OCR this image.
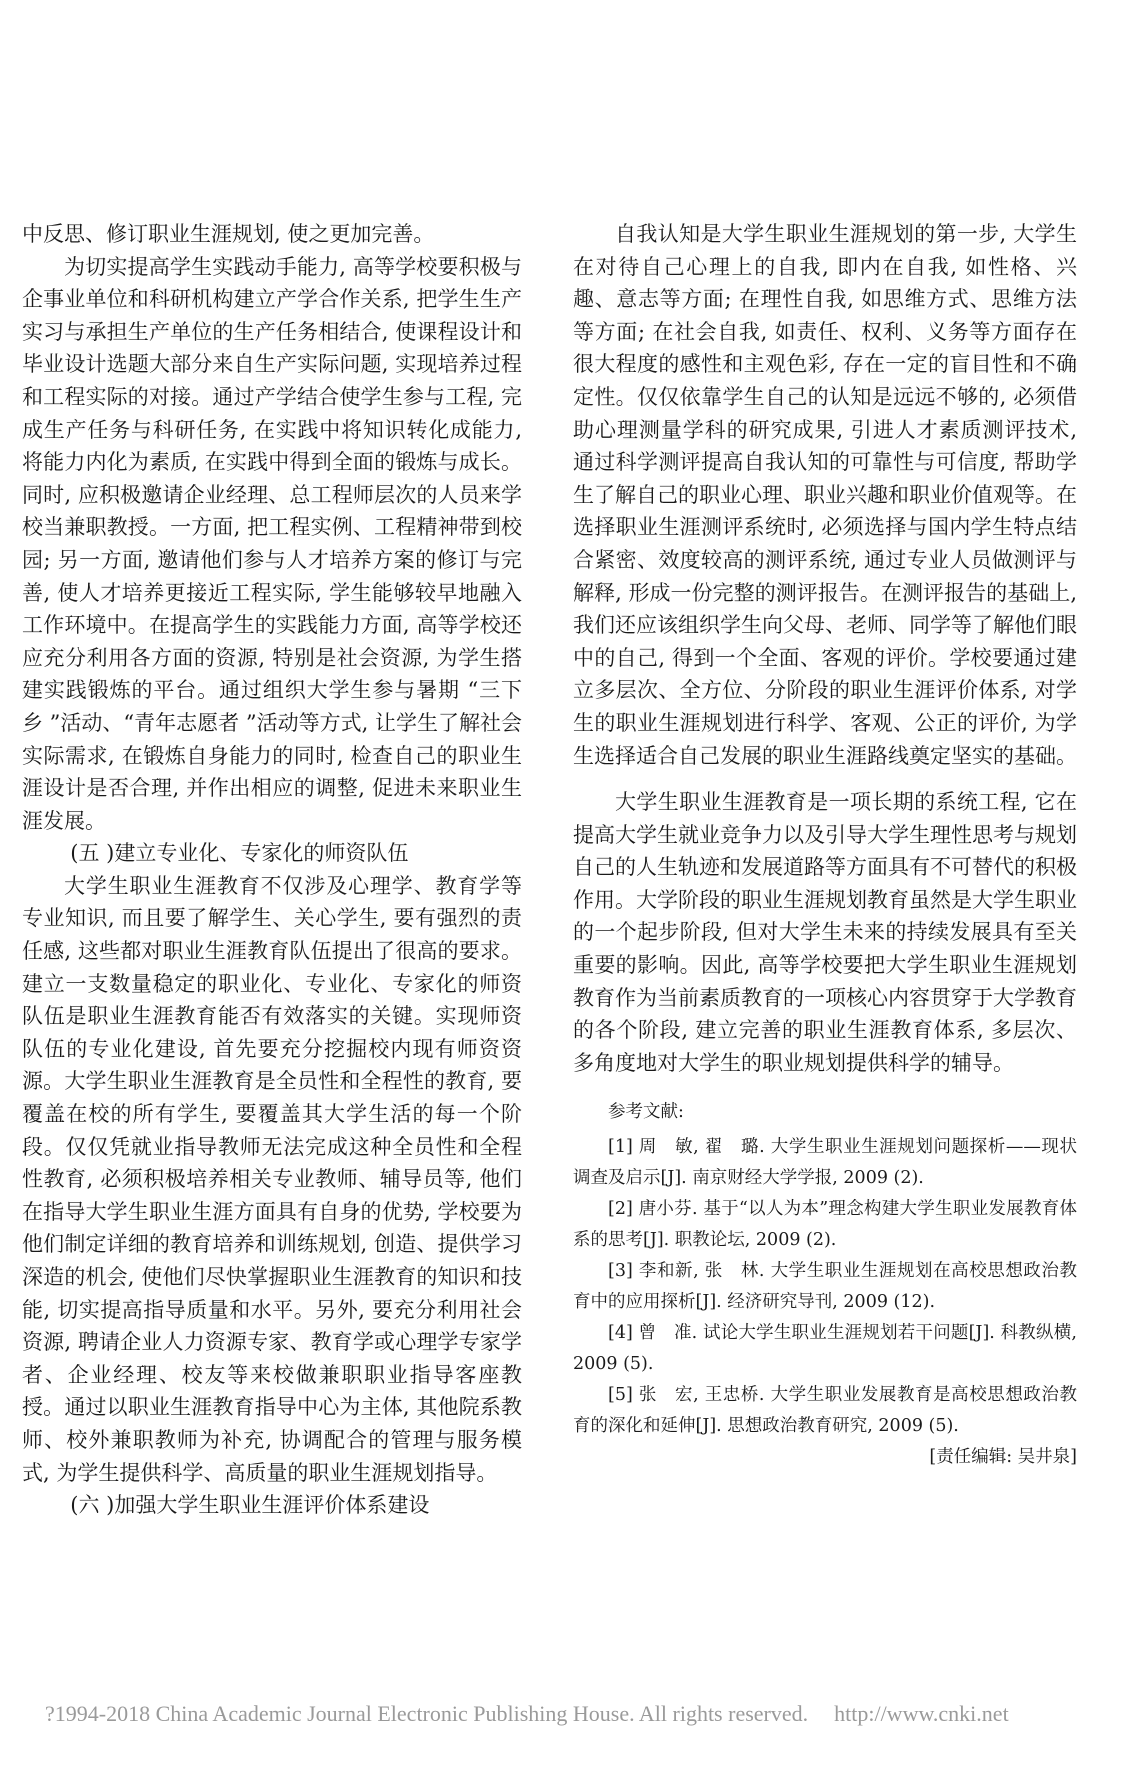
中反思、修订职业生涯规划, 使之更加完善。

为切实提高学生实践动手能力, 高等学校要积极与企事业单位和科研机构建立产学合作关系, 把学生生产实习与承担生产单位的生产任务相结合, 使课程设计和毕业设计选题大部分来自生产实际问题, 实现培养过程和工程实际的对接。通过产学结合使学生参与工程, 完成生产任务与科研任务, 在实践中将知识转化成能力, 将能力内化为素质, 在实践中得到全面的锻炼与成长。同时, 应积极邀请企业经理、总工程师层次的人员来学校当兼职教授。一方面, 把工程实例、工程精神带到校园; 另一方面, 邀请他们参与人才培养方案的修订与完善, 使人才培养更接近工程实际, 学生能够较早地融入工作环境中。在提高学生的实践能力方面, 高等学校还应充分利用各方面的资源, 特别是社会资源, 为学生搭建实践锻炼的平台。通过组织大学生参与暑期 “三下乡 ”活动、“青年志愿者 ”活动等方式, 让学生了解社会实际需求, 在锻炼自身能力的同时, 检查自己的职业生涯设计是否合理, 并作出相应的调整, 促进未来职业生涯发展。

(五 )建立专业化、专家化的师资队伍

大学生职业生涯教育不仅涉及心理学、教育学等专业知识, 而且要了解学生、关心学生, 要有强烈的责任感, 这些都对职业生涯教育队伍提出了很高的要求。建立一支数量稳定的职业化、专业化、专家化的师资队伍是职业生涯教育能否有效落实的关键。实现师资队伍的专业化建设, 首先要充分挖掘校内现有师资资源。大学生职业生涯教育是全员性和全程性的教育, 要覆盖在校的所有学生, 要覆盖其大学生活的每一个阶段。仅仅凭就业指导教师无法完成这种全员性和全程性教育, 必须积极培养相关专业教师、辅导员等, 他们在指导大学生职业生涯方面具有自身的优势, 学校要为他们制定详细的教育培养和训练规划, 创造、提供学习深造的机会, 使他们尽快掌握职业生涯教育的知识和技能, 切实提高指导质量和水平。另外, 要充分利用社会资源, 聘请企业人力资源专家、教育学或心理学专家学者、企业经理、校友等来校做兼职职业指导客座教授。通过以职业生涯教育指导中心为主体, 其他院系教师、校外兼职教师为补充, 协调配合的管理与服务模式, 为学生提供科学、高质量的职业生涯规划指导。

(六 )加强大学生职业生涯评价体系建设

自我认知是大学生职业生涯规划的第一步, 大学生在对待自己心理上的自我, 即内在自我, 如性格、兴趣、意志等方面; 在理性自我, 如思维方式、思维方法等方面; 在社会自我, 如责任、权利、义务等方面存在很大程度的感性和主观色彩, 存在一定的盲目性和不确定性。仅仅依靠学生自己的认知是远远不够的, 必须借助心理测量学科的研究成果, 引进人才素质测评技术, 通过科学测评提高自我认知的可靠性与可信度, 帮助学生了解自己的职业心理、职业兴趣和职业价值观等。在选择职业生涯测评系统时, 必须选择与国内学生特点结合紧密、效度较高的测评系统, 通过专业人员做测评与解释, 形成一份完整的测评报告。在测评报告的基础上, 我们还应该组织学生向父母、老师、同学等了解他们眼中的自己, 得到一个全面、客观的评价。学校要通过建立多层次、全方位、分阶段的职业生涯评价体系, 对学生的职业生涯规划进行科学、客观、公正的评价, 为学生选择适合自己发展的职业生涯路线奠定坚实的基础。

大学生职业生涯教育是一项长期的系统工程, 它在提高大学生就业竞争力以及引导大学生理性思考与规划自己的人生轨迹和发展道路等方面具有不可替代的积极作用。大学阶段的职业生涯规划教育虽然是大学生职业的一个起步阶段, 但对大学生未来的持续发展具有至关重要的影响。因此, 高等学校要把大学生职业生涯规划教育作为当前素质教育的一项核心内容贯穿于大学教育的各个阶段, 建立完善的职业生涯教育体系, 多层次、多角度地对大学生的职业规划提供科学的辅导。

参考文献:
[1] 周　敏, 翟　璐. 大学生职业生涯规划问题探析——现状调查及启示[J]. 南京财经大学学报, 2009 (2).
[2] 唐小芬. 基于“以人为本”理念构建大学生职业发展教育体系的思考[J]. 职教论坛, 2009 (2).
[3] 李和新, 张　林. 大学生职业生涯规划在高校思想政治教育中的应用探析[J]. 经济研究导刊, 2009 (12).
[4] 曾　准. 试论大学生职业生涯规划若干问题[J]. 科教纵横, 2009 (5).
[5] 张　宏, 王忠桥. 大学生职业发展教育是高校思想政治教育的深化和延伸[J]. 思想政治教育研究, 2009 (5).
[责任编辑: 吴井泉]
?1994-2018 China Academic Journal Electronic Publishing House. All rights reserved. http://www.cnki.net
